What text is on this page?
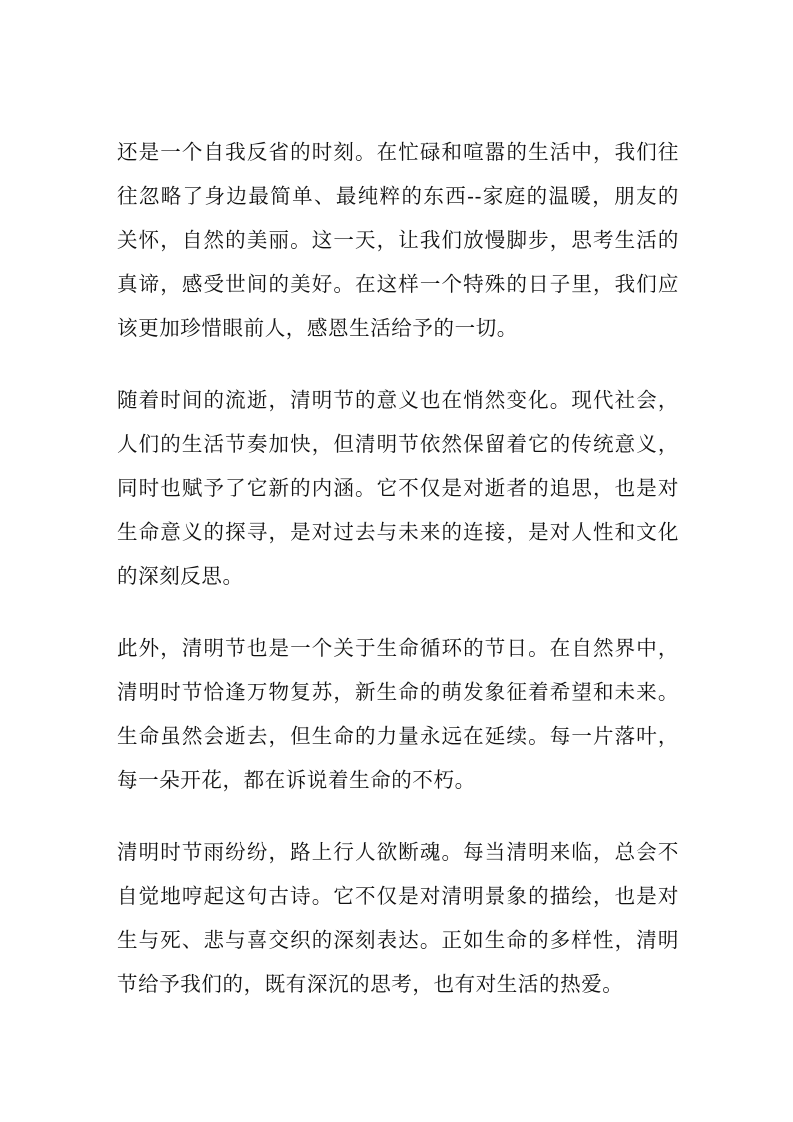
还是一个自我反省的时刻。在忙碌和喧嚣的生活中，我们往往忽略了身边最简单、最纯粹的东西--家庭的温暖，朋友的关怀，自然的美丽。这一天，让我们放慢脚步，思考生活的真谛，感受世间的美好。在这样一个特殊的日子里，我们应该更加珍惜眼前人，感恩生活给予的一切。

随着时间的流逝，清明节的意义也在悄然变化。现代社会，人们的生活节奏加快，但清明节依然保留着它的传统意义，同时也赋予了它新的内涵。它不仅是对逝者的追思，也是对生命意义的探寻，是对过去与未来的连接，是对人性和文化的深刻反思。

此外，清明节也是一个关于生命循环的节日。在自然界中，清明时节恰逢万物复苏，新生命的萌发象征着希望和未来。生命虽然会逝去，但生命的力量永远在延续。每一片落叶，每一朵开花，都在诉说着生命的不朽。

清明时节雨纷纷，路上行人欲断魂。每当清明来临，总会不自觉地哼起这句古诗。它不仅是对清明景象的描绘，也是对生与死、悲与喜交织的深刻表达。正如生命的多样性，清明节给予我们的，既有深沉的思考，也有对生活的热爱。
